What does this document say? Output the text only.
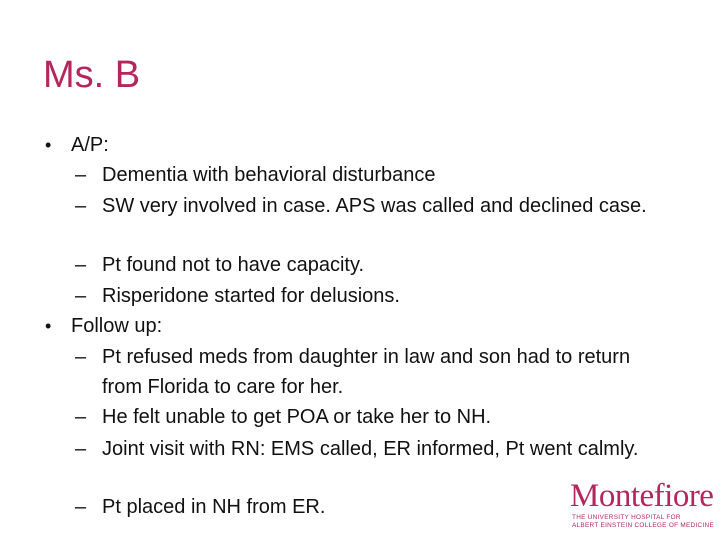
Ms. B
• A/P:
– Dementia with behavioral disturbance
– SW very involved in case. APS was called and declined case.
– Pt found not to have capacity.
– Risperidone started for delusions.
• Follow up:
– Pt refused meds from daughter in law and son had to return from Florida to care for her.
– He felt unable to get POA or take her to NH.
– Joint visit with RN: EMS called, ER informed, Pt went calmly.
– Pt placed in NH from ER.	Montefiore
THE UNIVERSITY HOSPITAL FOR
ALBERT EINSTEIN COLLEGE OF MEDICINE
